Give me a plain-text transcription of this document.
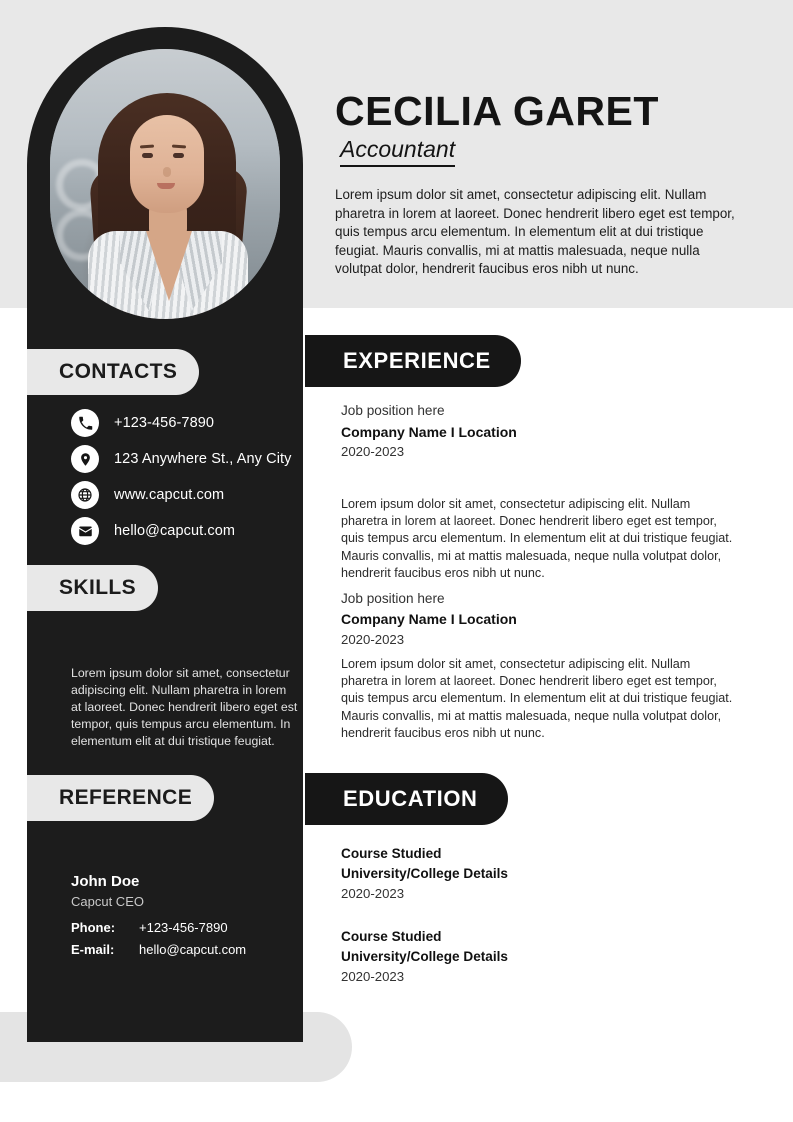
CONTACTS
+123-456-7890
123 Anywhere St., Any City
www.capcut.com
hello@capcut.com
SKILLS
Lorem ipsum dolor sit amet, consectetur adipiscing elit. Nullam pharetra in lorem at laoreet. Donec hendrerit libero eget est tempor, quis tempus arcu elementum. In elementum elit at dui tristique feugiat.
REFERENCE
John Doe
Capcut CEO
Phone:	+123-456-7890
E-mail:	hello@capcut.com
CECILIA GARET
Accountant
Lorem ipsum dolor sit amet, consectetur adipiscing elit. Nullam pharetra in lorem at laoreet. Donec hendrerit libero eget est tempor, quis tempus arcu elementum. In elementum elit at dui tristique feugiat. Mauris convallis, mi at mattis malesuada, neque nulla volutpat dolor, hendrerit faucibus eros nibh ut nunc.
EXPERIENCE
Job position here
Company Name I Location
2020-2023
Lorem ipsum dolor sit amet, consectetur adipiscing elit. Nullam pharetra in lorem at laoreet. Donec hendrerit libero eget est tempor, quis tempus arcu elementum. In elementum elit at dui tristique feugiat. Mauris convallis, mi at mattis malesuada, neque nulla volutpat dolor, hendrerit faucibus eros nibh ut nunc.
Job position here
Company Name I Location
2020-2023
Lorem ipsum dolor sit amet, consectetur adipiscing elit. Nullam pharetra in lorem at laoreet. Donec hendrerit libero eget est tempor, quis tempus arcu elementum. In elementum elit at dui tristique feugiat. Mauris convallis, mi at mattis malesuada, neque nulla volutpat dolor, hendrerit faucibus eros nibh ut nunc.
EDUCATION
Course Studied
University/College Details
2020-2023
Course Studied
University/College Details
2020-2023
